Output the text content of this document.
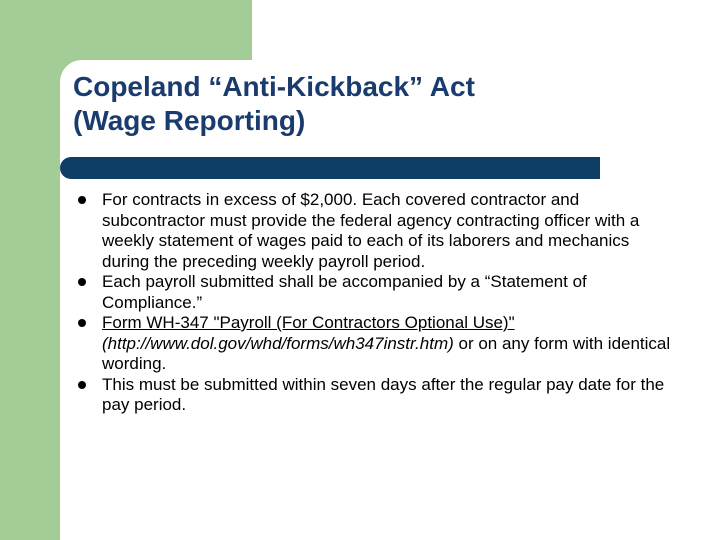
Copeland “Anti-Kickback” Act
(Wage Reporting)
For contracts in excess of $2,000. Each covered contractor and subcontractor must provide the federal agency contracting officer with a weekly statement of wages paid to each of its laborers and mechanics during the preceding weekly payroll period.
Each payroll submitted shall be accompanied by a “Statement of Compliance.”
Form WH-347 "Payroll (For Contractors Optional Use)"(http://www.dol.gov/whd/forms/wh347instr.htm) or on any form with identical wording.
This must be submitted within seven days after the regular pay date for the pay period.
